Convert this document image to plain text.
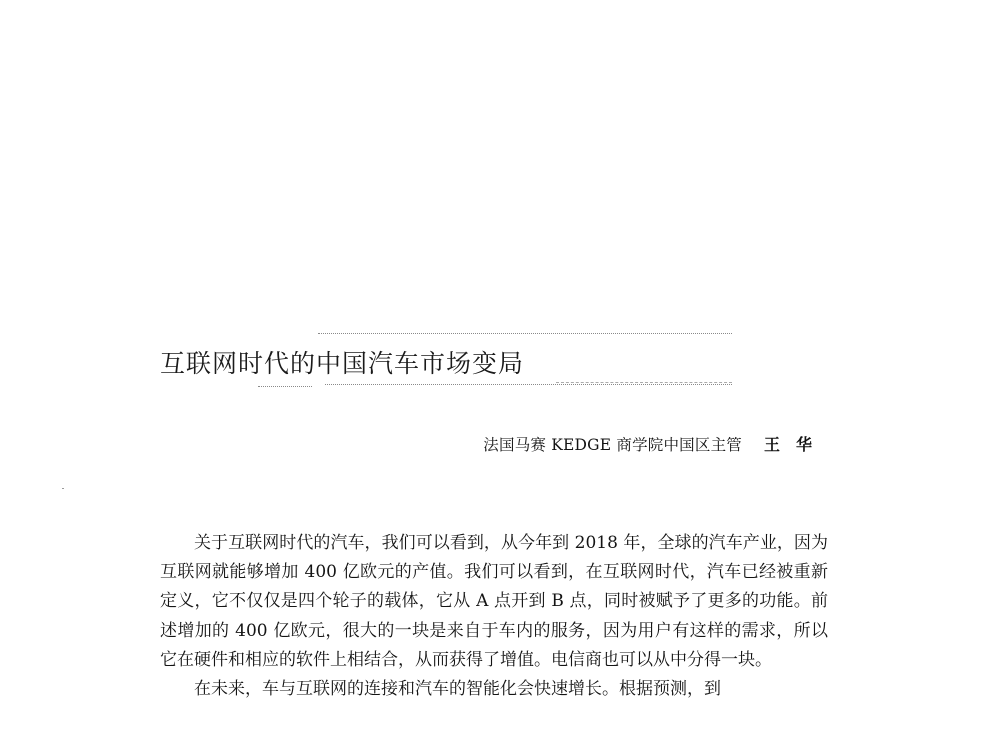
互联网时代的中国汽车市场变局
法国马赛 KEDGE 商学院中国区主管 王华

关于互联网时代的汽车，我们可以看到，从今年到 2018 年，全球的汽车产业，因为互联网就能够增加 400 亿欧元的产值。我们可以看到，在互联网时代，汽车已经被重新定义，它不仅仅是四个轮子的载体，它从 A 点开到 B 点，同时被赋予了更多的功能。前述增加的 400 亿欧元，很大的一块是来自于车内的服务，因为用户有这样的需求，所以它在硬件和相应的软件上相结合，从而获得了增值。电信商也可以从中分得一块。

在未来，车与互联网的连接和汽车的智能化会快速增长。根据预测，到
